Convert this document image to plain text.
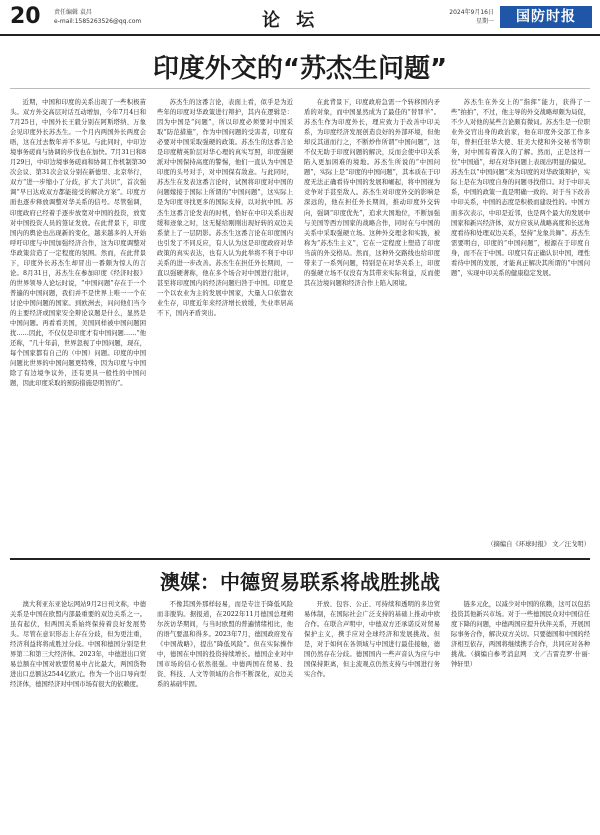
20 责任编辑 袁昌
e-mail:1585263526@qq.com	论 坛	2024年9月16日
星期一	国防时报
印度外交的“苏杰生问题”

近期，中国和印度的关系出现了一些积极苗头。双方外交高层对话互动增加，今年7月4日和7月25日，中国外长王毅分别在阿斯塔纳、万象会见印度外长苏杰生。一个月内两国外长两度会晤，这在过去数年并不多见。与此同时，中印边境事务磋商与协调的步伐也在加快。7月31日和8月29日，中印边境事务磋商和协调工作机制第30次会议、第31次会议分别在新德里、北京举行，双方“进一步缩小了分歧，扩大了共识”，首次强调“早日达成双方都能接受的解决方案”。印度方面也逐步释放调整对华关系的信号。尽管强调，印度政府已经着手逐步放宽对中国的投资，放宽对中国投资人员的签证发放。在此背景下，印度国内的舆论也出现新的变化，越来越多的人开始呼吁印度与中国加强经济合作，这为印度调整对华政策营造了一定程度的氛围。然而，在此背景下，印度外长苏杰生却冒出一番颇为惊人的言论。8月31日，苏杰生在参加印度《经济时报》的世界领导人论坛时说，“中国问题”存在于一个普遍的中国问题，我们并不是世界上唯一一个在讨论中国问题的国家。到欧洲去，问问他们当今的主要经济或国家安全辩论议题是什么，显然是中国问题。再看看美国，美国同样被中国问题困扰……因此，不仅仅是印度才有中国问题……”他还称，“几十年前，世界忽视了中国问题，现在，每个国家都有自己的（中国）问题。印度的中国问题比世界的中国问题更特殊，因为印度与中国除了有边境争议外，还有更具一般性的中国问题，因此印度采取的预防措施是明智的”。

苏杰生的这番言论，表面上看，似乎是为近些年的印度对华政策进行辩护，其内在逻辑是：因为中国是“问题”，所以印度必须要对中国采取“防范措施”，作为中国问题的受害者，印度有必要对中国采取强硬的政策。苏杰生的这番言论是印度精英阶层对华心理的真实写照，印度强硬派对中国保持高度的警惕，他们一直认为中国是印度的头号对手，对中国保有敌意。与此同时，苏杰生在发表这番言论时，试图将印度对中国的问题嫁接于国际上所谓的“中国问题”，这实际上是为印度寻找更多的国际支持，以对抗中国。苏杰生这番言论发表的时机，恰好在中印关系出现缓和迹象之时，这无疑给刚刚出现好转的双边关系蒙上了一层阴影。苏杰生这番言论在印度国内也引发了不同反应，有人认为这是印度政府对华政策的真实表达，也有人认为此举将不利于中印关系的进一步改善。苏杰生在担任外长期间，一直以强硬著称，他在多个场合对中国进行批评，甚至将印度国内的经济问题归咎于中国。印度是一个以农业为主的发展中国家，大量人口依靠农业生存，印度近年来经济增长放缓，失业率居高不下，国内矛盾突出。

在此背景下，印度政府急需一个转移国内矛盾的对象，而中国显然成为了最佳的“替罪羊”。苏杰生作为印度外长，理应致力于改善中印关系，为印度经济发展创造良好的外部环境，但他却反其道而行之，不断炒作所谓“中国问题”，这不仅无助于印度问题的解决，反而会使中印关系陷入更加困难的境地。苏杰生所说的“中国问题”，实际上是“印度的中国问题”，其本质在于印度无法正确看待中国的发展和崛起，将中国视为竞争对手甚至敌人。苏杰生对印度外交的影响是深远的，他在担任外长期间，推动印度外交转向，强调“印度优先”，追求大国地位，不断加强与美国等西方国家的战略合作，同时在与中国的关系中采取强硬立场。这种外交理念和实践，被称为“苏杰生主义”，它在一定程度上塑造了印度当前的外交格局。然而，这种外交路线也给印度带来了一系列问题，特别是在对华关系上，印度的强硬立场不仅没有为其带来实际利益，反而使其在边境问题和经济合作上陷入困境。

苏杰生在外交上的“指挥”能力，获得了一些“拍拍”，不过，他主导的外交战略却颇为局促，不少人对他的某些言论颇有微词。苏杰生是一位职业外交官出身的政治家，他在印度外交部工作多年，曾担任驻华大使、驻美大使和外交秘书等职务，对中国有着深入的了解。然而，正是这样一位“中国通”，却在对华问题上表现出明显的偏见。苏杰生以“中国问题”来为印度的对华政策辩护，实际上是在为印度自身的问题寻找借口。对于中印关系，中国的政策一直是明确一致的。对于当下改善中印关系，中国的态度是积极而建设性的。中国方面多次表示，中印是近邻，也是两个最大的发展中国家和新兴经济体，双方应该从战略高度和长远角度看待和处理双边关系，坚持“龙象共舞”。苏杰生需要明白，印度的“中国问题”，根源在于印度自身，而不在于中国。印度只有正确认识中国，理性看待中国的发展，才能真正解决其所谓的“中国问题”，实现中印关系的健康稳定发展。

（摘编自《环球时报》 文／汪戈明）

澳媒：中德贸易联系将战胜挑战

澳大利亚东亚论坛网站9月2日刊文称，中德关系是中国在欧盟内部最重要的双边关系之一。虽有起伏，但两国关系始终保持着良好发展势头。尽管在意识形态上存在分歧，但为更注重，经济利益将将成胜过分歧。中国和德国分别是世界第二和第三大经济体。2023年，中德进出口贸易总额在中国对欧盟贸易中占比最大，两国货物进出口总额达2544亿欧元。作为一个出口导向型经济体，德国经济对中国市场有很大的依赖度。

不像其国外那样轻易，而是专注于降低风险而非脱钩。据报道，在2022年11月德国总理朔尔茨访华期间，与当时欧盟的普遍情绪相比，他的语气要温和得多。2023年7月，德国政府发布《中国战略》，提出“降低风险”。但在实际操作中，德国在中国的投资持续增长。德国企业对中国市场的信心依然很强。中德两国在贸易、投资、科技、人文等领域的合作不断深化，双边关系的基础牢固。

开放、包容、公正、可持续和透明的多边贸易体制，在国际社会广泛支持的基础上推动中欧合作。在联合声明中，中德双方还承诺反对贸易保护主义，携手应对全球经济和发展挑战。但是，对于如何在各领域与中国进行最佳接触，德国仍然存在分歧。德国国内一些声音认为应与中国保持距离，但主流观点仍然支持与中国进行务实合作。

链多元化，以减少对中国的依赖，这可以包括投资其他新兴市场。对于一些德国民众对中国信任度下降的问题，中德两国应提升伙伴关系，开展国际事务合作，解决双方关切。只要德国和中国的经济相互依存，两国将继续携手合作，共同应对各种挑战。（摘编自参考消息网　文／吉雷克罗·什丽·钟轩里）
